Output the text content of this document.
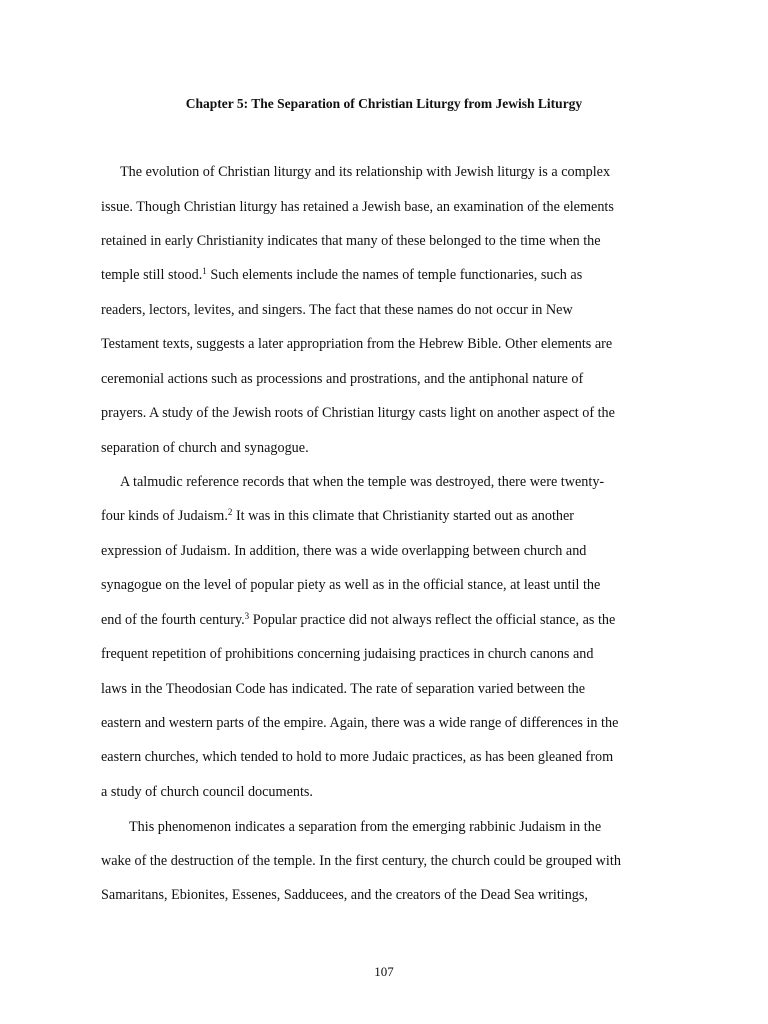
Chapter 5: The Separation of Christian Liturgy from Jewish Liturgy
The evolution of Christian liturgy and its relationship with Jewish liturgy is a complex
issue. Though Christian liturgy has retained a Jewish base, an examination of the elements
retained in early Christianity indicates that many of these belonged to the time when the
temple still stood.$^1$ Such elements include the names of temple functionaries, such as
readers, lectors, levites, and singers. The fact that these names do not occur in New
Testament texts, suggests a later appropriation from the Hebrew Bible. Other elements are
ceremonial actions such as processions and prostrations, and the antiphonal nature of
prayers. A study of the Jewish roots of Christian liturgy casts light on another aspect of the
separation of church and synagogue.
A talmudic reference records that when the temple was destroyed, there were twenty-
four kinds of Judaism.$^2$ It was in this climate that Christianity started out as another
expression of Judaism. In addition, there was a wide overlapping between church and
synagogue on the level of popular piety as well as in the official stance, at least until the
end of the fourth century.$^3$ Popular practice did not always reflect the official stance, as the
frequent repetition of prohibitions concerning judaising practices in church canons and
laws in the Theodosian Code has indicated. The rate of separation varied between the
eastern and western parts of the empire. Again, there was a wide range of differences in the
eastern churches, which tended to hold to more Judaic practices, as has been gleaned from
a study of church council documents.
This phenomenon indicates a separation from the emerging rabbinic Judaism in the
wake of the destruction of the temple. In the first century, the church could be grouped with
Samaritans, Ebionites, Essenes, Sadducees, and the creators of the Dead Sea writings,
107
